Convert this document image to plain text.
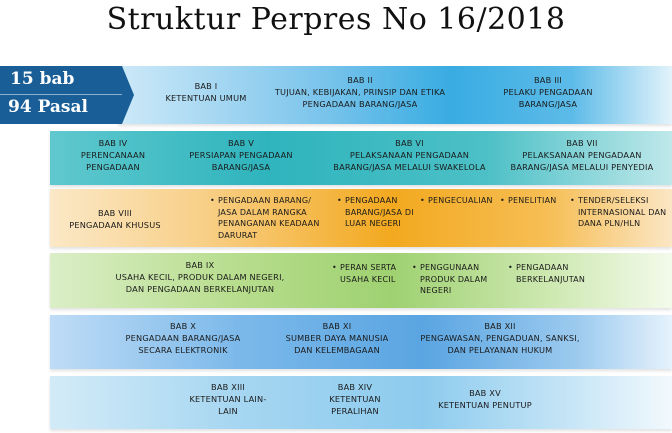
Struktur Perpres No 16/2018
15 bab
94 Pasal
BAB I
KETENTUAN UMUM
BAB II
TUJUAN, KEBIJAKAN, PRINSIP DAN ETIKA
PENGADAAN BARANG/JASA
BAB III
PELAKU PENGADAAN
BARANG/JASA
BAB IV
PERENCANAAN
PENGADAAN
BAB V
PERSIAPAN PENGADAAN
BARANG/JASA
BAB VI
PELAKSANAAN PENGADAAN
BARANG/JASA MELALUI SWAKELOLA
BAB VII
PELAKSANAAN PENGADAAN
BARANG/JASA MELALUI PENYEDIA
BAB VIII
PENGADAAN KHUSUS
• PENGADAAN BARANG/
JASA DALAM RANGKA
PENANGANAN KEADAAN
DARURAT
• PENGADAAN
BARANG/JASA DI
LUAR NEGERI
• PENGECUALIAN • PENELITIAN	• TENDER/SELEKSI
INTERNASIONAL DAN
DANA PLN/HLN
BAB IX
USAHA KECIL, PRODUK DALAM NEGERI,
DAN PENGADAAN BERKELANJUTAN
• PERAN SERTA
USAHA KECIL
• PENGGUNAAN
PRODUK DALAM
NEGERI
• PENGADAAN
BERKELANJUTAN
BAB X
PENGADAAN BARANG/JASA
SECARA ELEKTRONIK
BAB XI
SUMBER DAYA MANUSIA
DAN KELEMBAGAAN
BAB XII
PENGAWASAN, PENGADUAN, SANKSI,
DAN PELAYANAN HUKUM
BAB XIII
KETENTUAN LAIN-
LAIN
BAB XIV
KETENTUAN
PERALIHAN
BAB XV
KETENTUAN PENUTUP
